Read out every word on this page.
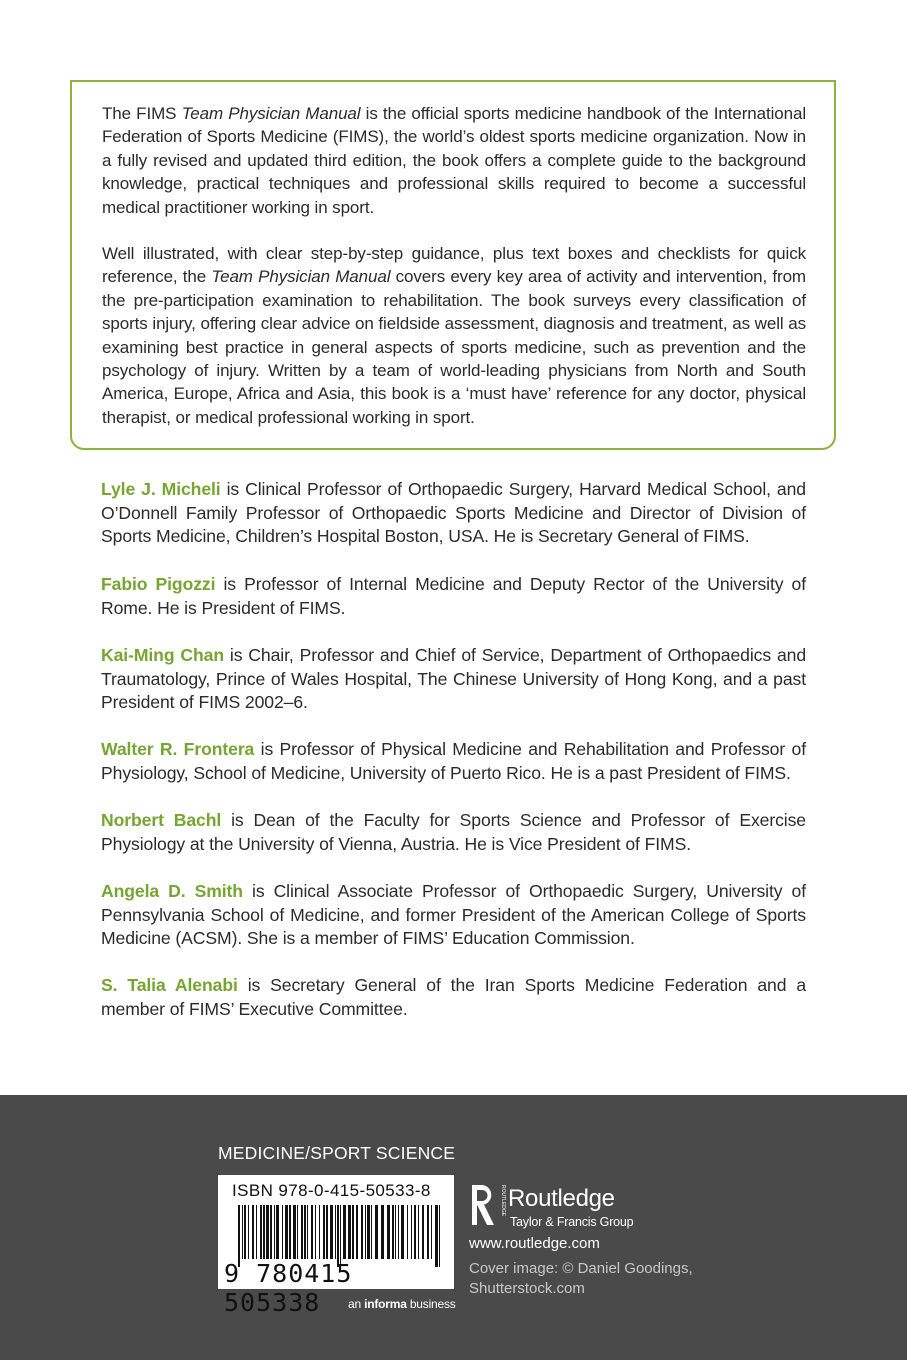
The FIMS Team Physician Manual is the official sports medicine handbook of the International Federation of Sports Medicine (FIMS), the world’s oldest sports medicine organization. Now in a fully revised and updated third edition, the book offers a complete guide to the background knowledge, practical techniques and professional skills required to become a successful medical practitioner working in sport.

Well illustrated, with clear step-by-step guidance, plus text boxes and checklists for quick reference, the Team Physician Manual covers every key area of activity and intervention, from the pre-participation examination to rehabilitation. The book surveys every classification of sports injury, offering clear advice on fieldside assessment, diagnosis and treatment, as well as examining best practice in general aspects of sports medicine, such as prevention and the psychology of injury. Written by a team of world-leading physicians from North and South America, Europe, Africa and Asia, this book is a ‘must have’ reference for any doctor, physical therapist, or medical professional working in sport.

Lyle J. Micheli is Clinical Professor of Orthopaedic Surgery, Harvard Medical School, and O’Donnell Family Professor of Orthopaedic Sports Medicine and Director of Division of Sports Medicine, Children’s Hospital Boston, USA. He is Secretary General of FIMS.

Fabio Pigozzi is Professor of Internal Medicine and Deputy Rector of the University of Rome. He is President of FIMS.

Kai-Ming Chan is Chair, Professor and Chief of Service, Department of Orthopaedics and Traumatology, Prince of Wales Hospital, The Chinese University of Hong Kong, and a past President of FIMS 2002–6.

Walter R. Frontera is Professor of Physical Medicine and Rehabilitation and Professor of Physiology, School of Medicine, University of Puerto Rico. He is a past President of FIMS.

Norbert Bachl is Dean of the Faculty for Sports Science and Professor of Exercise Physiology at the University of Vienna, Austria. He is Vice President of FIMS.

Angela D. Smith is Clinical Associate Professor of Orthopaedic Surgery, University of Pennsylvania School of Medicine, and former President of the American College of Sports Medicine (ACSM). She is a member of FIMS’ Education Commission.

S. Talia Alenabi is Secretary General of the Iran Sports Medicine Federation and a member of FIMS’ Executive Committee.

MEDICINE/SPORT SCIENCE
ISBN 978-0-415-50533-8
9 780415 505338	an informa business
ROUTLEDGE Routledge
Taylor & Francis Group
www.routledge.com
Cover image: © Daniel Goodings, Shutterstock.com
